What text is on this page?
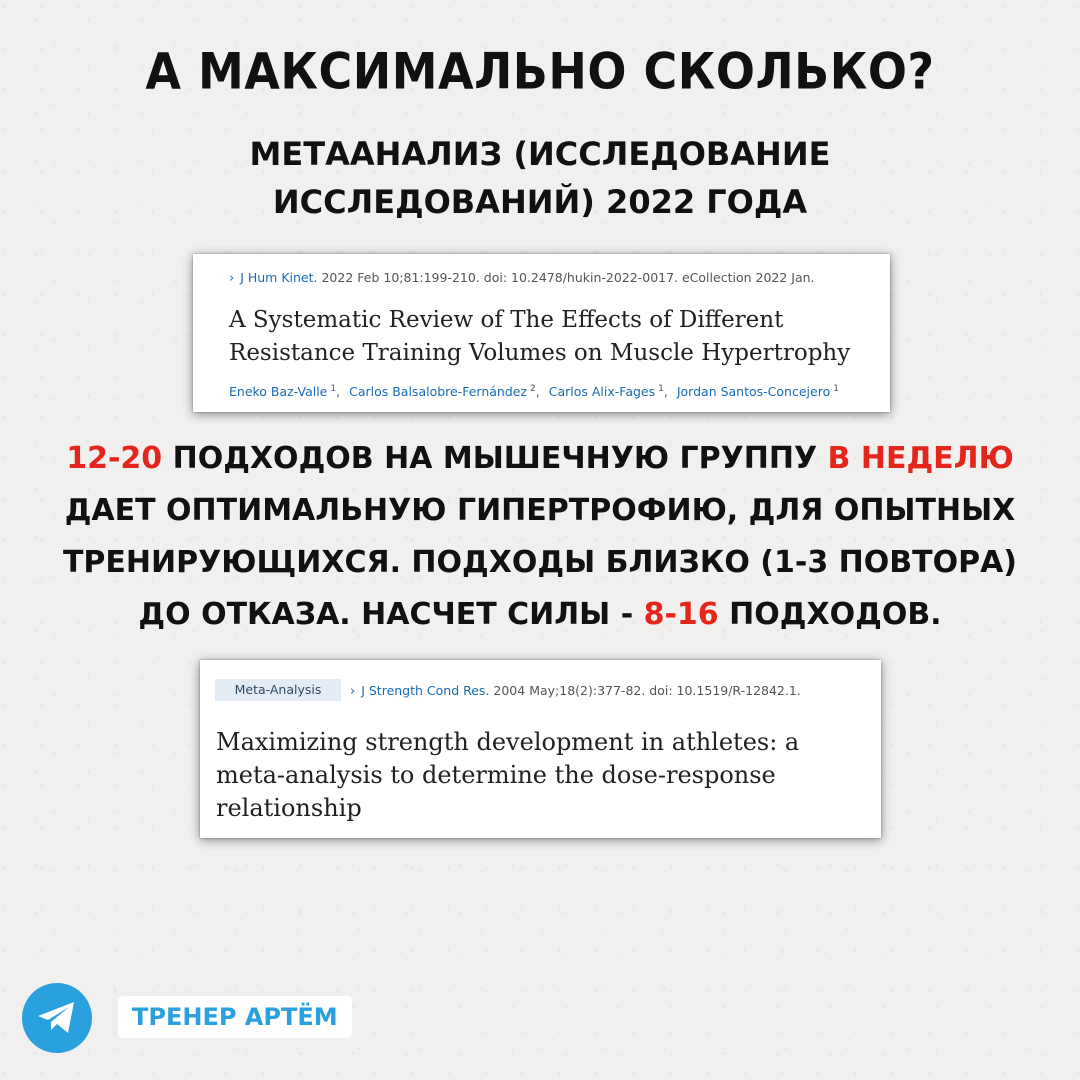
А МАКСИМАЛЬНО СКОЛЬКО?
МЕТААНАЛИЗ (ИССЛЕДОВАНИЕ ИССЛЕДОВАНИЙ) 2022 ГОДА
› J Hum Kinet. 2022 Feb 10;81:199-210. doi: 10.2478/hukin-2022-0017. eCollection 2022 Jan.
A Systematic Review of The Effects of Different Resistance Training Volumes on Muscle Hypertrophy
Eneko Baz-Valle $^1$, Carlos Balsalobre-Fernández $^2$, Carlos Alix-Fages $^1$, Jordan Santos-Concejero $^1$
12-20 ПОДХОДОВ НА МЫШЕЧНУЮ ГРУППУ В НЕДЕЛЮ ДАЕТ ОПТИМАЛЬНУЮ ГИПЕРТРОФИЮ, ДЛЯ ОПЫТНЫХ ТРЕНИРУЮЩИХСЯ. ПОДХОДЫ БЛИЗКО (1-3 ПОВТОРА) ДО ОТКАЗА. НАСЧЕТ СИЛЫ - 8-16 ПОДХОДОВ.
Meta-Analysis	› J Strength Cond Res. 2004 May;18(2):377-82. doi: 10.1519/R-12842.1.
Maximizing strength development in athletes: a meta-analysis to determine the dose-response relationship
ТРЕНЕР АРТЁМ
